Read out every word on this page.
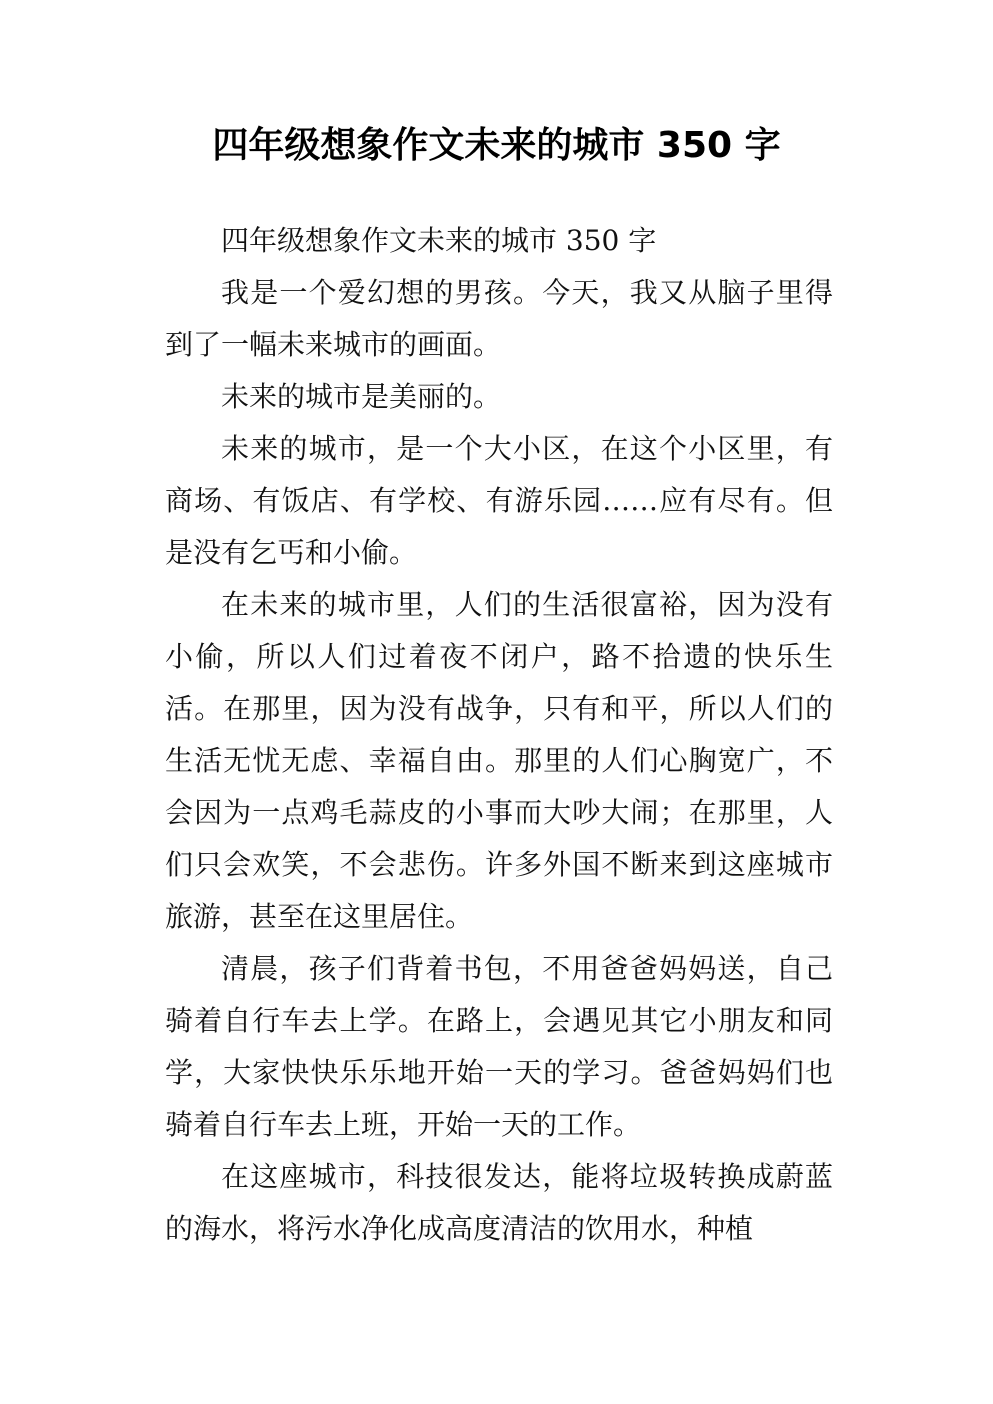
四年级想象作文未来的城市 350 字

四年级想象作文未来的城市 350 字

我是一个爱幻想的男孩。今天，我又从脑子里得到了一幅未来城市的画面。

未来的城市是美丽的。

未来的城市，是一个大小区，在这个小区里，有商场、有饭店、有学校、有游乐园……应有尽有。但是没有乞丐和小偷。

在未来的城市里，人们的生活很富裕，因为没有小偷，所以人们过着夜不闭户，路不拾遗的快乐生活。在那里，因为没有战争，只有和平，所以人们的生活无忧无虑、幸福自由。那里的人们心胸宽广，不会因为一点鸡毛蒜皮的小事而大吵大闹；在那里，人们只会欢笑，不会悲伤。许多外国不断来到这座城市旅游，甚至在这里居住。

清晨，孩子们背着书包，不用爸爸妈妈送，自己骑着自行车去上学。在路上，会遇见其它小朋友和同学，大家快快乐乐地开始一天的学习。爸爸妈妈们也骑着自行车去上班，开始一天的工作。

在这座城市，科技很发达，能将垃圾转换成蔚蓝的海水，将污水净化成高度清洁的饮用水，种植
